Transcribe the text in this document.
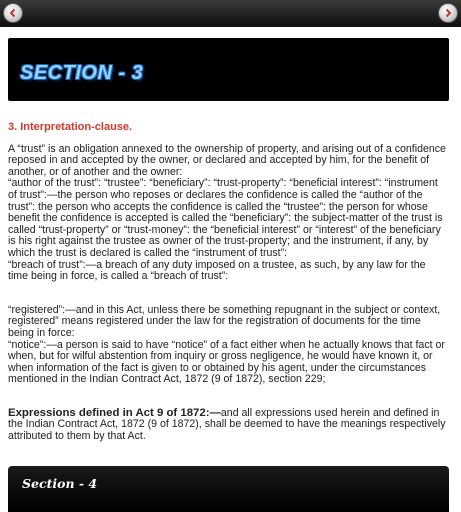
SECTION - 3
3. Interpretation-clause.

A “trust” is an obligation annexed to the ownership of property, and arising out of a confidence reposed in and accepted by the owner, or declared and accepted by him, for the benefit of another, or of another and the owner:

“author of the trust”: “trustee”: “beneficiary”: “trust-property”: “beneficial interest”: “instrument of trust”:—the person who reposes or declares the confidence is called the “author of the trust”: the person who accepts the confidence is called the “trustee”: the person for whose benefit the confidence is accepted is called the “beneficiary”: the subject-matter of the trust is called “trust-property” or “trust-money”: the “beneficial interest” or “interest” of the beneficiary is his right against the trustee as owner of the trust-property; and the instrument, if any, by which the trust is declared is called the “instrument of trust”:

“breach of trust”:—a breach of any duty imposed on a trustee, as such, by any law for the time being in force, is called a “breach of trust”:

“registered”:—and in this Act, unless there be something repugnant in the subject or context, registered” means registered under the law for the registration of documents for the time being in force:

“notice”:—a person is said to have “notice” of a fact either when he actually knows that fact or when, but for wilful abstention from inquiry or gross negligence, he would have known it, or when information of the fact is given to or obtained by his agent, under the circumstances mentioned in the Indian Contract Act, 1872 (9 of 1872), section 229;

Expressions defined in Act 9 of 1872:—and all expressions used herein and defined in the Indian Contract Act, 1872 (9 of 1872), shall be deemed to have the meanings respectively attributed to them by that Act.

Section - 4
